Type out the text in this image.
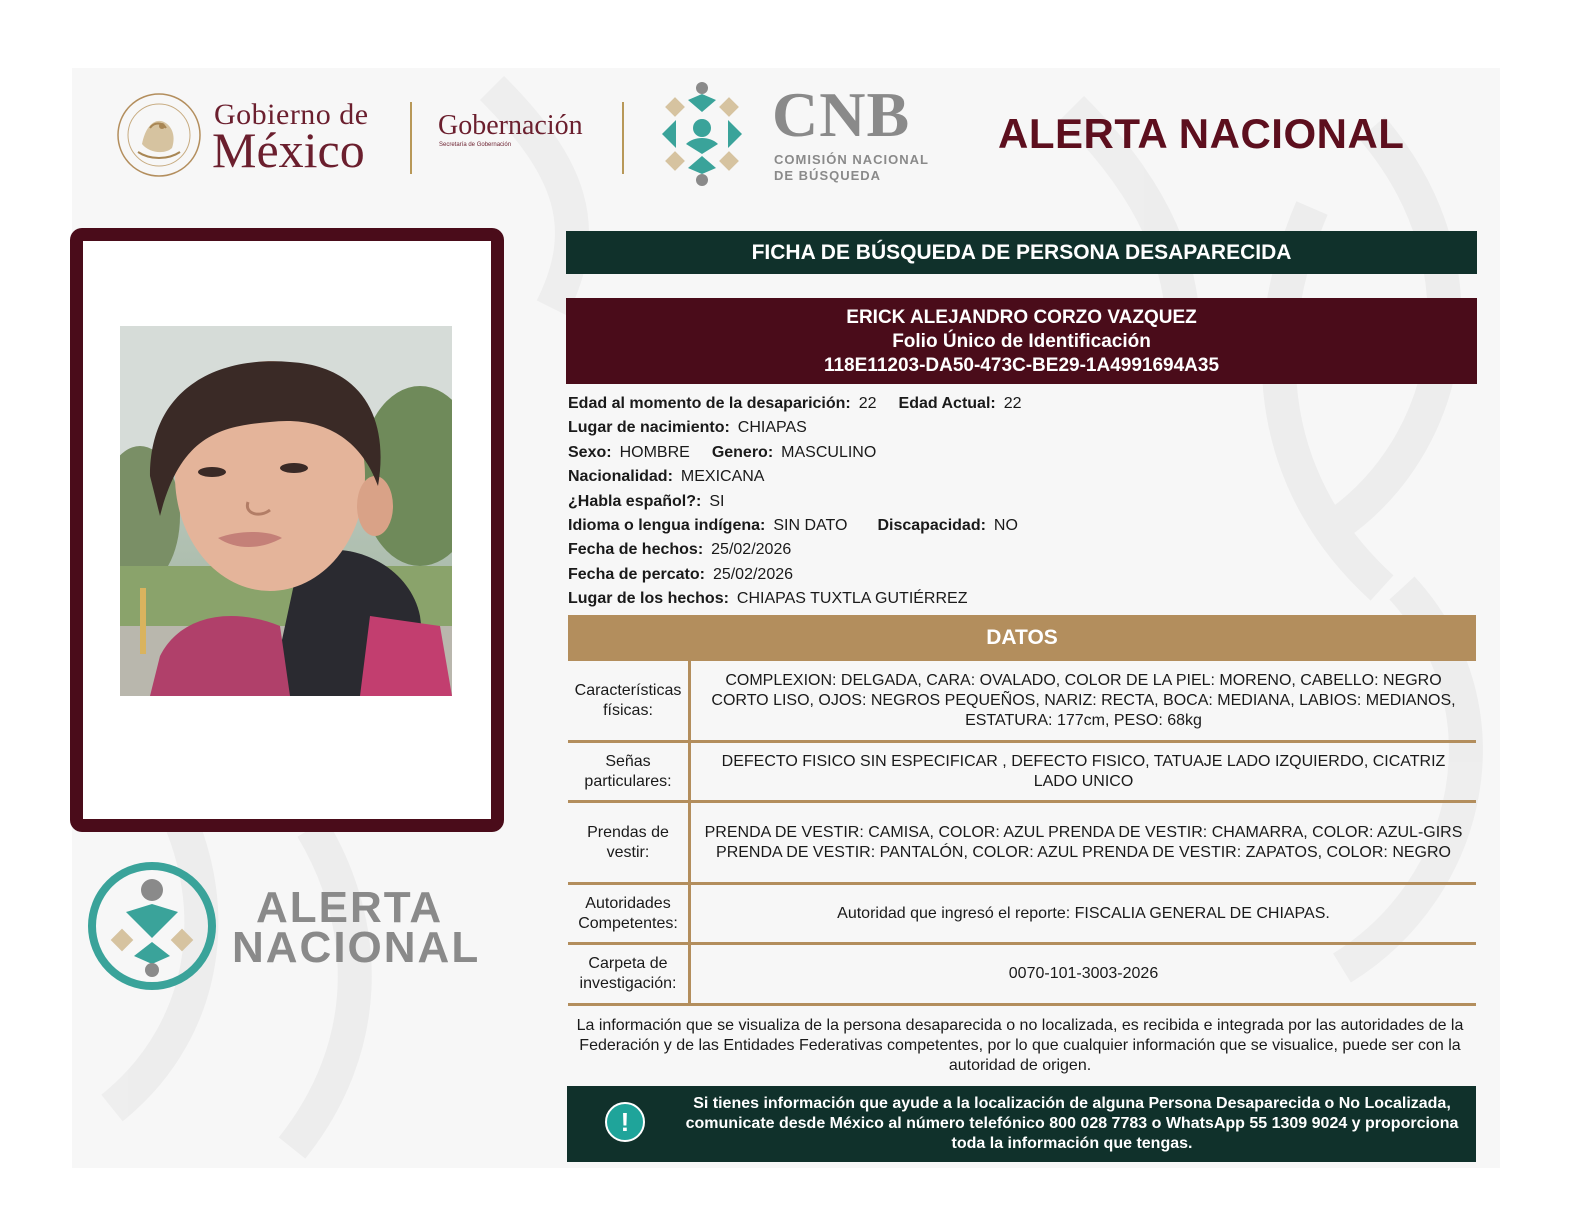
Gobierno de
México	Gobernación
Secretaría de Gobernación	CNB
COMISIÓN NACIONAL
DE BÚSQUEDA
ALERTA NACIONAL
ALERTA
NACIONAL
FICHA DE BÚSQUEDA DE PERSONA DESAPARECIDA
ERICK ALEJANDRO CORZO VAZQUEZ
Folio Único de Identificación
118E11203-DA50-473C-BE29-1A4991694A35
Edad al momento de la desaparición: 22 Edad Actual: 22
Lugar de nacimiento: CHIAPAS
Sexo: HOMBRE Genero: MASCULINO
Nacionalidad: MEXICANA
¿Habla español?: SI
Idioma o lengua indígena: SIN DATO Discapacidad: NO
Fecha de hechos: 25/02/2026
Fecha de percato: 25/02/2026
Lugar de los hechos: CHIAPAS TUXTLA GUTIÉRREZ
DATOS
Características físicas:
COMPLEXION: DELGADA, CARA: OVALADO, COLOR DE LA PIEL: MORENO, CABELLO: NEGRO CORTO LISO, OJOS: NEGROS PEQUEÑOS, NARIZ: RECTA, BOCA: MEDIANA, LABIOS: MEDIANOS, ESTATURA: 177cm, PESO: 68kg
Señas particulares:
DEFECTO FISICO SIN ESPECIFICAR , DEFECTO FISICO, TATUAJE LADO IZQUIERDO, CICATRIZ LADO UNICO
Prendas de vestir:
PRENDA DE VESTIR: CAMISA, COLOR: AZUL PRENDA DE VESTIR: CHAMARRA, COLOR: AZUL-GIRS PRENDA DE VESTIR: PANTALÓN, COLOR: AZUL PRENDA DE VESTIR: ZAPATOS, COLOR: NEGRO
Autoridades Competentes:
Autoridad que ingresó el reporte: FISCALIA GENERAL DE CHIAPAS.
Carpeta de investigación:
0070-101-3003-2026
La información que se visualiza de la persona desaparecida o no localizada, es recibida e integrada por las autoridades de la Federación y de las Entidades Federativas competentes, por lo que cualquier información que se visualice, puede ser con la autoridad de origen.
!
Si tienes información que ayude a la localización de alguna Persona Desaparecida o No Localizada, comunicate desde México al número telefónico 800 028 7783 o WhatsApp 55 1309 9024 y proporciona toda la información que tengas.
